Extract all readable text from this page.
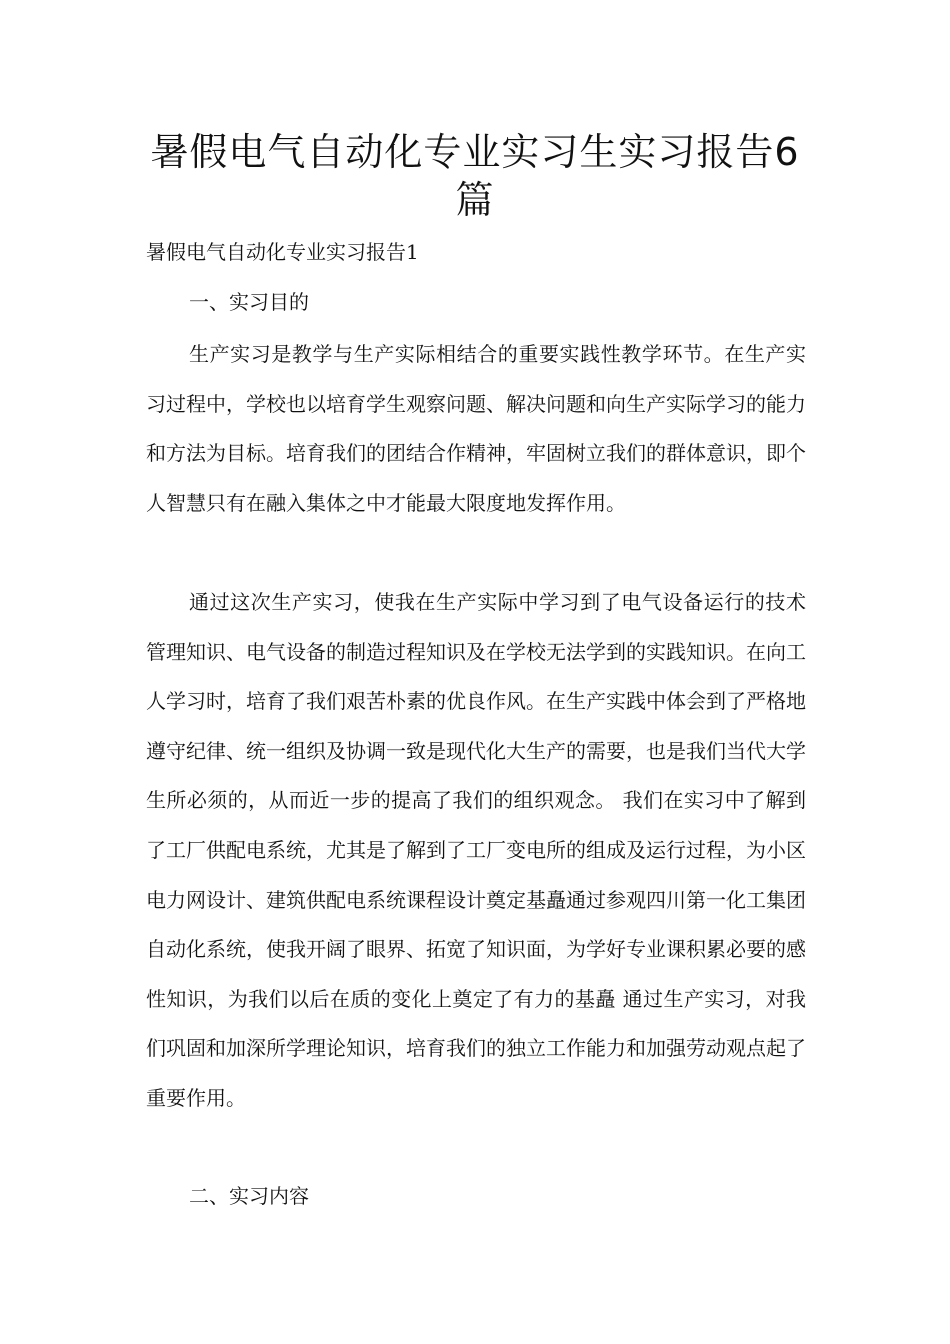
暑假电气自动化专业实习生实习报告6篇

暑假电气自动化专业实习报告1

一、实习目的

生产实习是教学与生产实际相结合的重要实践性教学环节。在生产实习过程中，学校也以培育学生观察问题、解决问题和向生产实际学习的能力和方法为目标。培育我们的团结合作精神，牢固树立我们的群体意识，即个人智慧只有在融入集体之中才能最大限度地发挥作用。

通过这次生产实习，使我在生产实际中学习到了电气设备运行的技术管理知识、电气设备的制造过程知识及在学校无法学到的实践知识。在向工人学习时，培育了我们艰苦朴素的优良作风。在生产实践中体会到了严格地遵守纪律、统一组织及协调一致是现代化大生产的需要，也是我们当代大学生所必须的，从而近一步的提高了我们的组织观念。 我们在实习中了解到了工厂供配电系统，尤其是了解到了工厂变电所的组成及运行过程，为小区电力网设计、建筑供配电系统课程设计奠定基矗通过参观四川第一化工集团自动化系统，使我开阔了眼界、拓宽了知识面，为学好专业课积累必要的感性知识，为我们以后在质的变化上奠定了有力的基矗 通过生产实习，对我们巩固和加深所学理论知识，培育我们的独立工作能力和加强劳动观点起了重要作用。

二、实习内容
